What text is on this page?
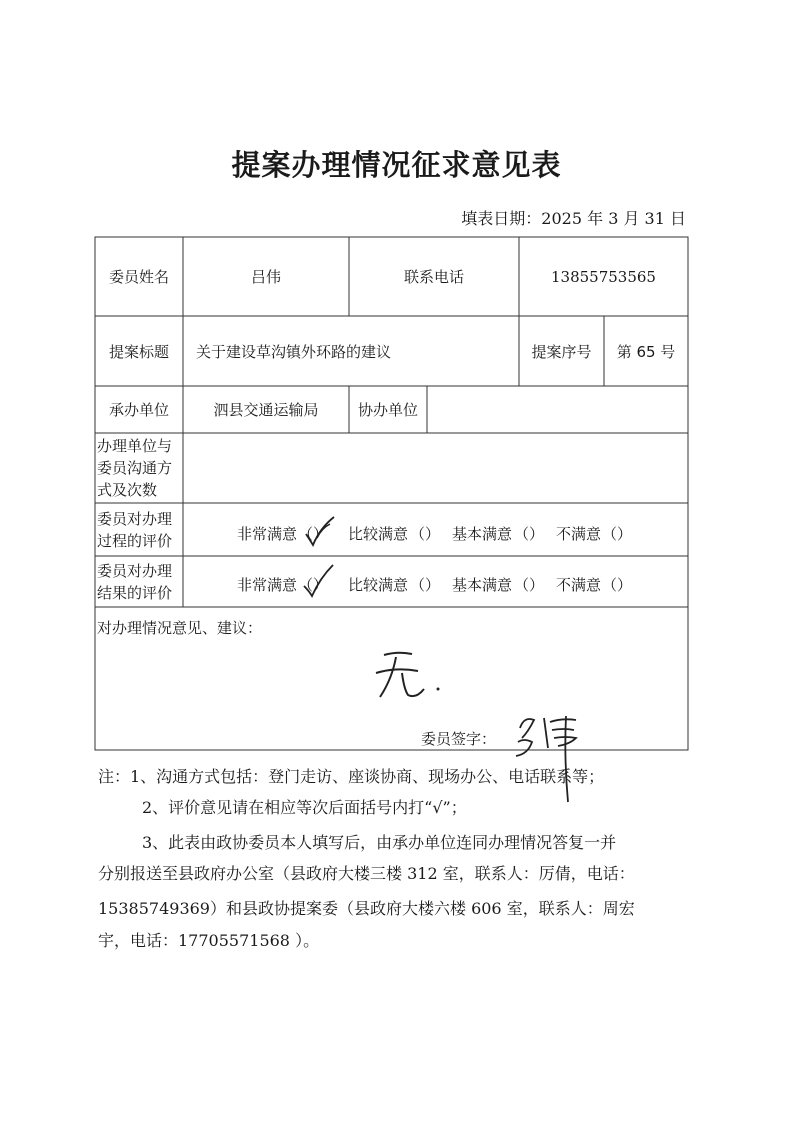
提案办理情况征求意见表
填表日期：2025 年 3 月 31 日
委员姓名	吕伟	联系电话	13855753565
提案标题	关于建设草沟镇外环路的建议	提案序号	第 65 号
承办单位	泗县交通运输局	协办单位
办理单位与委员沟通方式及次数
委员对办理过程的评价	非常满意 （） 比较满意 （） 基本满意 （） 不满意 （）
委员对办理结果的评价	非常满意 （） 比较满意 （） 基本满意 （） 不满意 （）
对办理情况意见、建议：
委员签字：
注：1、沟通方式包括：登门走访、座谈协商、现场办公、电话联系等；
2、评价意见请在相应等次后面括号内打“√”；
3、此表由政协委员本人填写后，由承办单位连同办理情况答复一并
分别报送至县政府办公室（县政府大楼三楼 312 室，联系人：厉倩，电话：
15385749369）和县政协提案委（县政府大楼六楼 606 室，联系人：周宏
宇，电话：17705571568 ）。
